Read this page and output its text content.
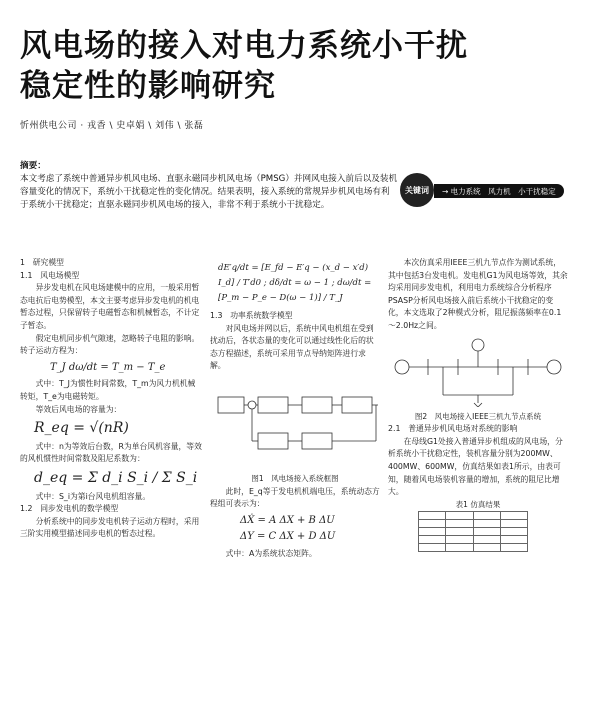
风电场的接入对电力系统小干扰
稳定性的影响研究
忻州供电公司 · 戎香 \ 史卓娟 \ 刘伟 \ 张磊
摘要：
本文考虑了系统中普通异步机风电场、直驱永磁同步机风电场（PMSG）并网风电接入前后以及装机容量变化的情况下，系统小干扰稳定性的变化情况。结果表明，接入系统的常规异步机风电场有利于系统小干扰稳定；直驱永磁同步机风电场的接入，非常不利于系统小干扰稳定。
关键词	→ 电力系统　风力机　小干扰稳定

1　研究模型

1.1　风电场模型

异步发电机在风电场建模中的应用，一般采用暂态电抗后电势模型，本文主要考虑异步发电机的机电暂态过程，只保留转子电磁暂态和机械暂态，不计定子暂态。

假定电机同步机气隙速，忽略转子电阻的影响。转子运动方程为：

T_J dω/dt = T_m − T_e

式中：T_J为惯性时间常数，T_m为风力机机械转矩，T_e为电磁转矩。

等效后风电场的容量为：

R_eq = √(nR)

式中：n为等效后台数，R为单台风机容量，等效的风机惯性时间常数及阻尼系数为：

d_eq = Σ d_i S_i / Σ S_i

式中：S_i为第i台风电机组容量。

1.2　同步发电机的数学模型

分析系统中的同步发电机转子运动方程时，采用三阶实用模型描述同步电机的暂态过程。

dE′q/dt = [E_fd − E′q − (x_d − x′d) I_d] / T′d0 ; dδ/dt = ω − 1 ; dω/dt = [P_m − P_e − D(ω − 1)] / T_J

1.3　功率系统数学模型

对风电场并网以后，系统中风电机组在受到扰动后，各状态量的变化可以通过线性化后的状态方程描述，系统可采用节点导纳矩阵进行求解。

图1　风电场接入系统框图

此时，E_q等于发电机机端电压，系统动态方程组可表示为：

ΔẊ = A ΔX + B ΔU
ΔY = C ΔX + D ΔU

式中：A为系统状态矩阵。

本次仿真采用IEEE三机九节点作为测试系统，其中包括3台发电机。发电机G1为风电场等效，其余均采用同步发电机，利用电力系统综合分析程序PSASP分析风电场接入前后系统小干扰稳定的变化，本文选取了2种模式分析，阻尼振荡频率在0.1～2.0Hz之间。

图2　风电场接入IEEE三机九节点系统

2.1　普通异步机风电场对系统的影响

在母线G1处接入普通异步机组成的风电场，分析系统小干扰稳定性，装机容量分别为200MW、400MW、600MW，仿真结果如表1所示，由表可知，随着风电场装机容量的增加，系统的阻尼比增大。

表1 仿真结果
